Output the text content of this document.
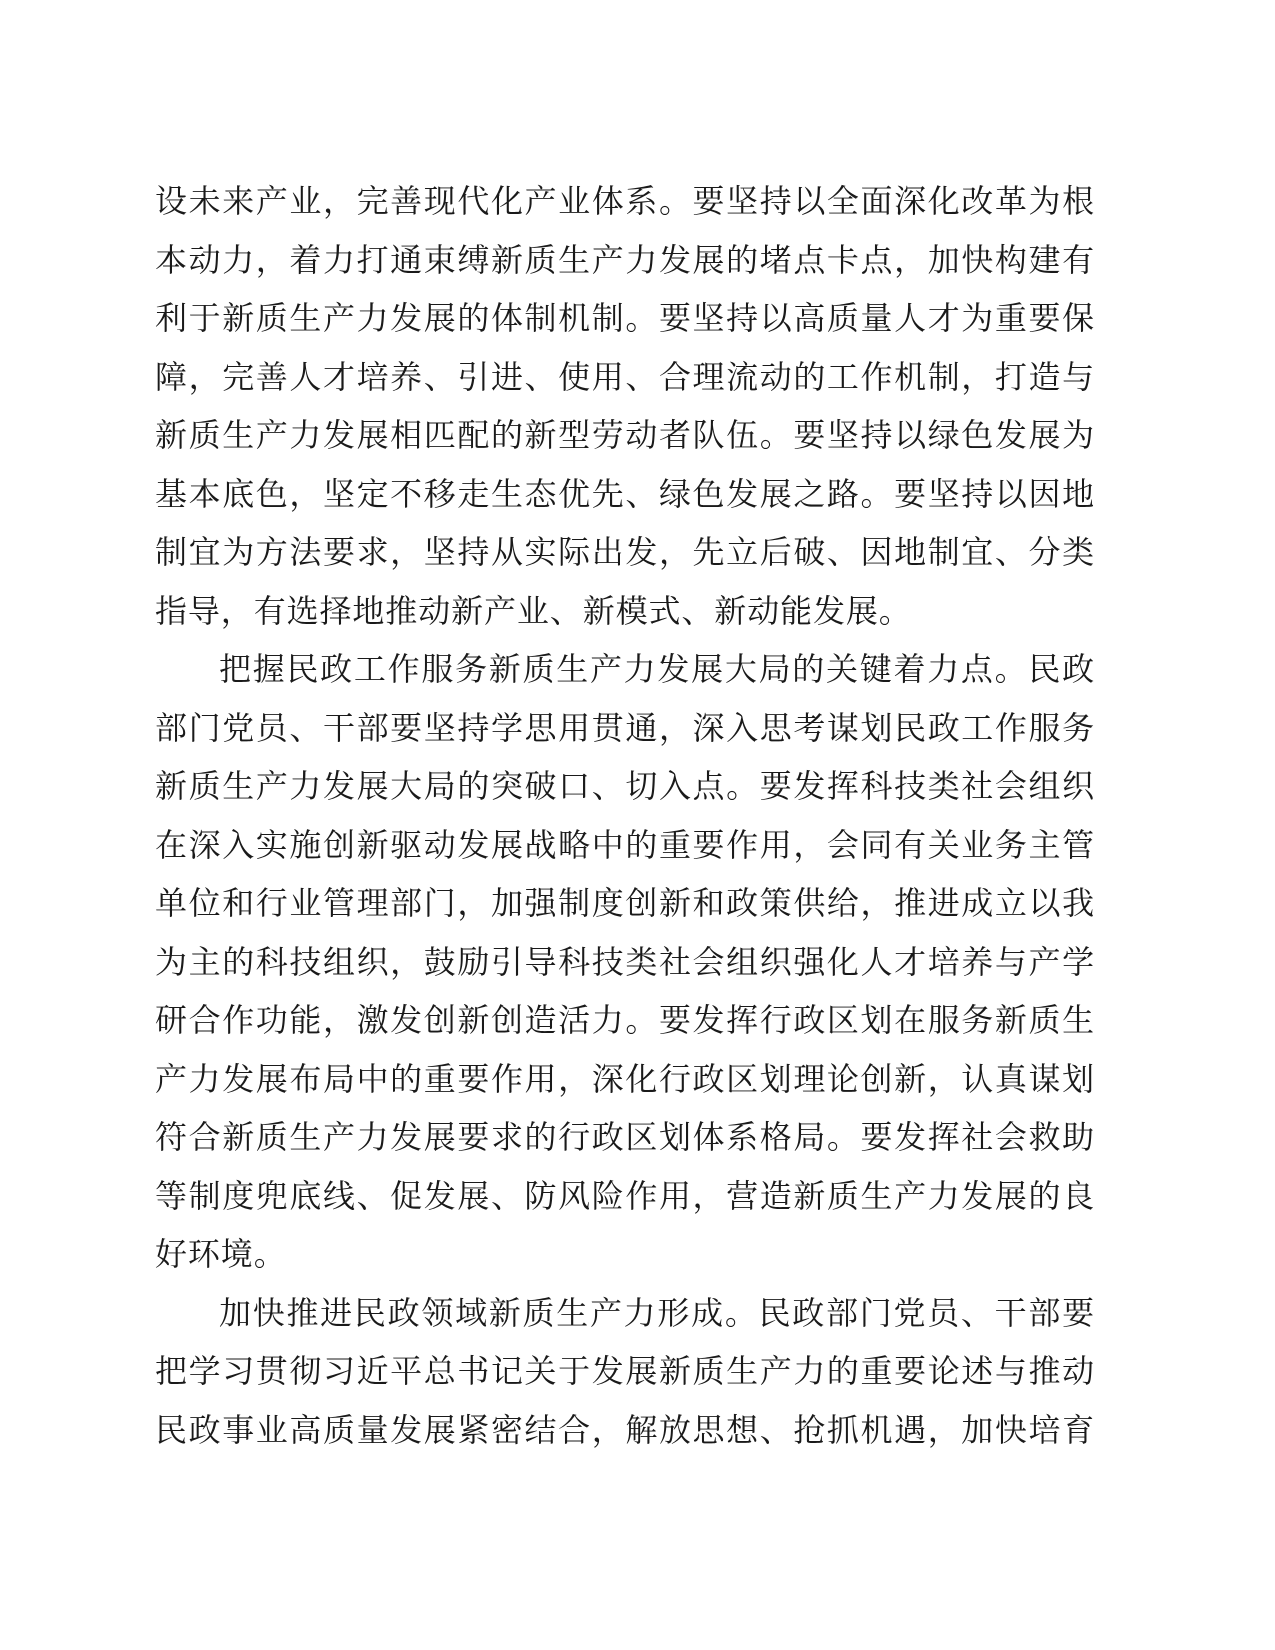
设未来产业，完善现代化产业体系。要坚持以全面深化改革为根
本动力，着力打通束缚新质生产力发展的堵点卡点，加快构建有
利于新质生产力发展的体制机制。要坚持以高质量人才为重要保
障，完善人才培养、引进、使用、合理流动的工作机制，打造与
新质生产力发展相匹配的新型劳动者队伍。要坚持以绿色发展为
基本底色，坚定不移走生态优先、绿色发展之路。要坚持以因地
制宜为方法要求，坚持从实际出发，先立后破、因地制宜、分类
指导，有选择地推动新产业、新模式、新动能发展。
把握民政工作服务新质生产力发展大局的关键着力点。民政
部门党员、干部要坚持学思用贯通，深入思考谋划民政工作服务
新质生产力发展大局的突破口、切入点。要发挥科技类社会组织
在深入实施创新驱动发展战略中的重要作用，会同有关业务主管
单位和行业管理部门，加强制度创新和政策供给，推进成立以我
为主的科技组织，鼓励引导科技类社会组织强化人才培养与产学
研合作功能，激发创新创造活力。要发挥行政区划在服务新质生
产力发展布局中的重要作用，深化行政区划理论创新，认真谋划
符合新质生产力发展要求的行政区划体系格局。要发挥社会救助
等制度兜底线、促发展、防风险作用，营造新质生产力发展的良
好环境。
加快推进民政领域新质生产力形成。民政部门党员、干部要
把学习贯彻习近平总书记关于发展新质生产力的重要论述与推动
民政事业高质量发展紧密结合，解放思想、抢抓机遇，加快培育
